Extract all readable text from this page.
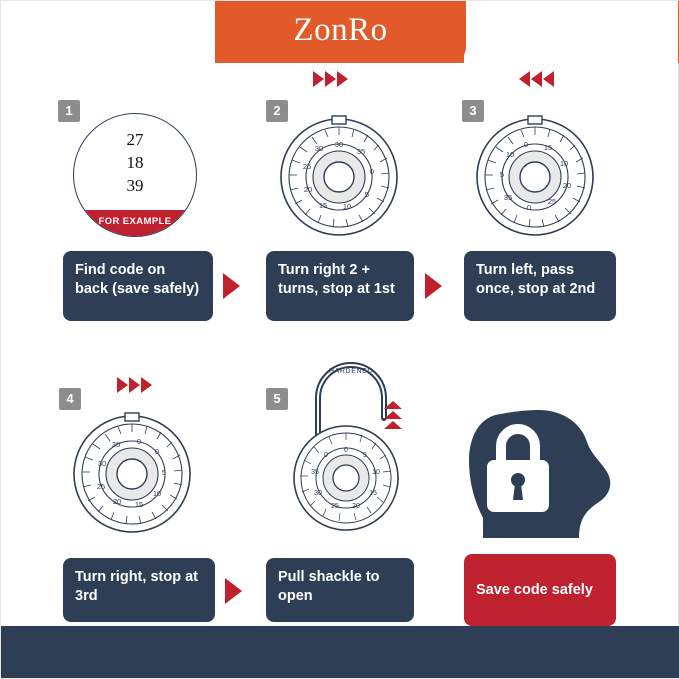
ZonRo
1
27
18
39
FOR EXAMPLE
Find code on back (save safely)
2
30
35
0
5
10
15
20
25
30
Turn right 2 + turns, stop at 1st
3
0 15
10
20
25
0
35
5
10
Turn left, pass once, stop at 2nd
4
0
35
30
25
20 15
10
5
0
Turn right, stop at 3rd
5
HARDENED
0
5
10
15
20
25
30
35
0
Pull shackle to open	Save code safely
